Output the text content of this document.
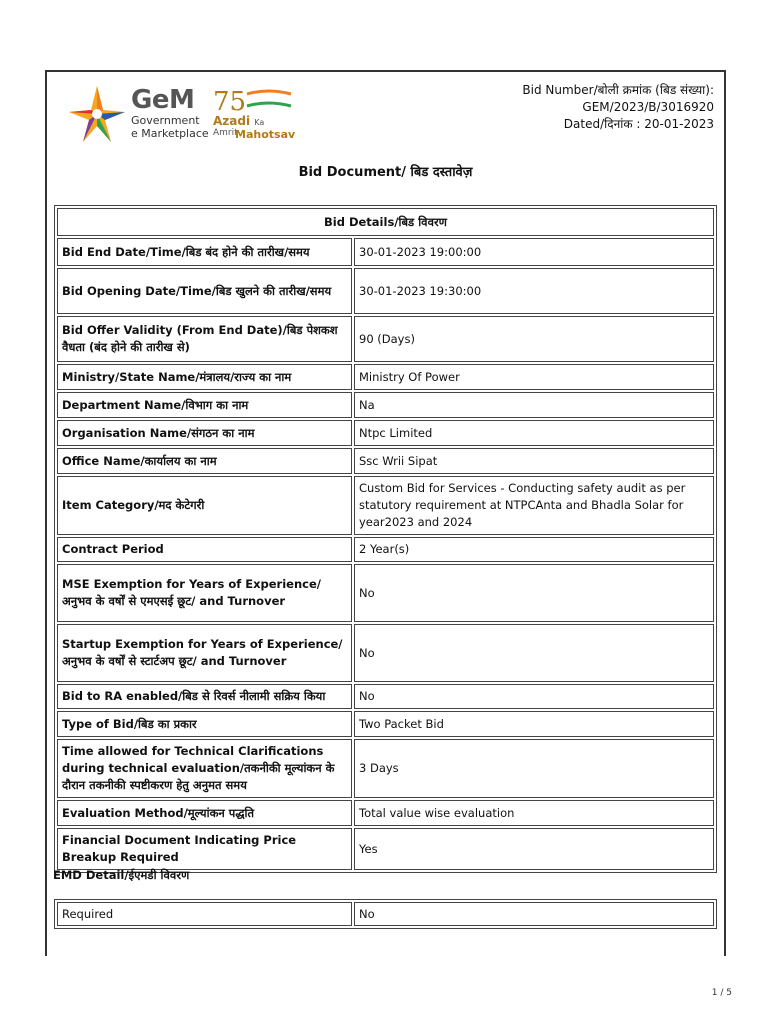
GeM
Government
e Marketplace
75
Azadi Ka
Amrit
Mahotsav
Bid Number/बोली क्रमांक (बिड संख्या):
GEM/2023/B/3016920
Dated/दिनांक : 20-01-2023
Bid Document/ बिड दस्तावेज़
Bid Details/बिड विवरण	
Bid End Date/Time/बिड बंद होने की तारीख/समय	30-01-2023 19:00:00
Bid Opening Date/Time/बिड खुलने की तारीख/समय	30-01-2023 19:30:00
Bid Offer Validity (From End Date)/बिड पेशकश वैधता (बंद होने की तारीख से)	90 (Days)
Ministry/State Name/मंत्रालय/राज्य का नाम	Ministry Of Power
Department Name/विभाग का नाम	Na
Organisation Name/संगठन का नाम	Ntpc Limited
Office Name/कार्यालय का नाम	Ssc Wrii Sipat
Item Category/मद केटेगरी	Custom Bid for Services - Conducting safety audit as per statutory requirement at NTPCAnta and Bhadla Solar for year2023 and 2024
Contract Period	2 Year(s)
MSE Exemption for Years of Experience/अनुभव के वर्षों से एमएसई छूट/ and Turnover	No
Startup Exemption for Years of Experience/अनुभव के वर्षों से स्टार्टअप छूट/ and Turnover	No
Bid to RA enabled/बिड से रिवर्स नीलामी सक्रिय किया	No
Type of Bid/बिड का प्रकार	Two Packet Bid
Time allowed for Technical Clarifications during technical evaluation/तकनीकी मूल्यांकन के दौरान तकनीकी स्पष्टीकरण हेतु अनुमत समय	3 Days
Evaluation Method/मूल्यांकन पद्धति	Total value wise evaluation
Financial Document Indicating Price Breakup Required	Yes
EMD Detail/ईएमडी विवरण
Required	No
1 / 5
